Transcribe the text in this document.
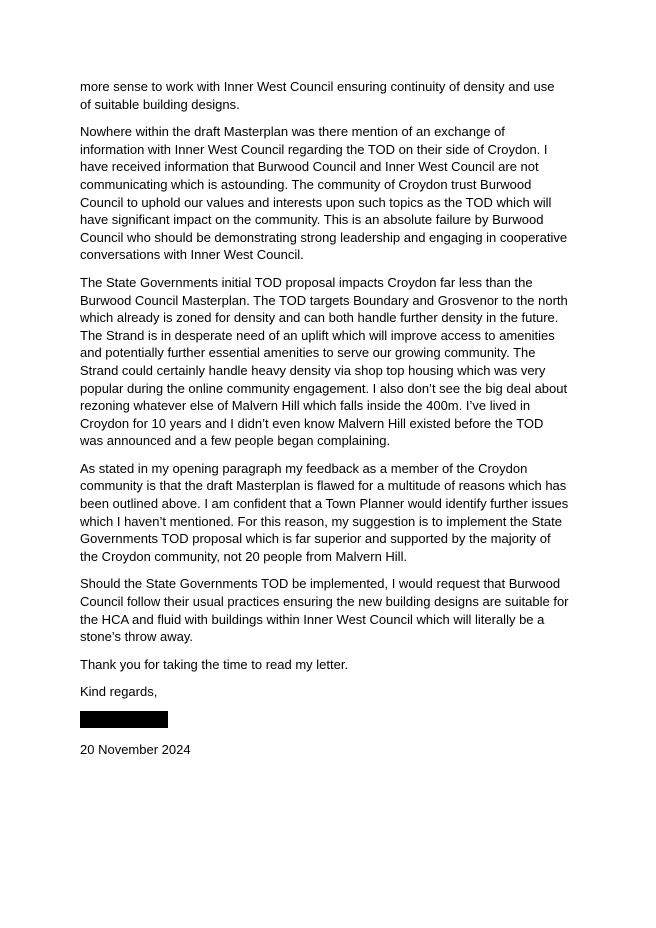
more sense to work with Inner West Council ensuring continuity of density and use
of suitable building designs.

Nowhere within the draft Masterplan was there mention of an exchange of
information with Inner West Council regarding the TOD on their side of Croydon. I
have received information that Burwood Council and Inner West Council are not
communicating which is astounding. The community of Croydon trust Burwood
Council to uphold our values and interests upon such topics as the TOD which will
have significant impact on the community. This is an absolute failure by Burwood
Council who should be demonstrating strong leadership and engaging in cooperative
conversations with Inner West Council.

The State Governments initial TOD proposal impacts Croydon far less than the
Burwood Council Masterplan. The TOD targets Boundary and Grosvenor to the north
which already is zoned for density and can both handle further density in the future.
The Strand is in desperate need of an uplift which will improve access to amenities
and potentially further essential amenities to serve our growing community. The
Strand could certainly handle heavy density via shop top housing which was very
popular during the online community engagement. I also don’t see the big deal about
rezoning whatever else of Malvern Hill which falls inside the 400m. I’ve lived in
Croydon for 10 years and I didn’t even know Malvern Hill existed before the TOD
was announced and a few people began complaining.

As stated in my opening paragraph my feedback as a member of the Croydon
community is that the draft Masterplan is flawed for a multitude of reasons which has
been outlined above. I am confident that a Town Planner would identify further issues
which I haven’t mentioned. For this reason, my suggestion is to implement the State
Governments TOD proposal which is far superior and supported by the majority of
the Croydon community, not 20 people from Malvern Hill.

Should the State Governments TOD be implemented, I would request that Burwood
Council follow their usual practices ensuring the new building designs are suitable for
the HCA and fluid with buildings within Inner West Council which will literally be a
stone’s throw away.

Thank you for taking the time to read my letter.

Kind regards,

20 November 2024
